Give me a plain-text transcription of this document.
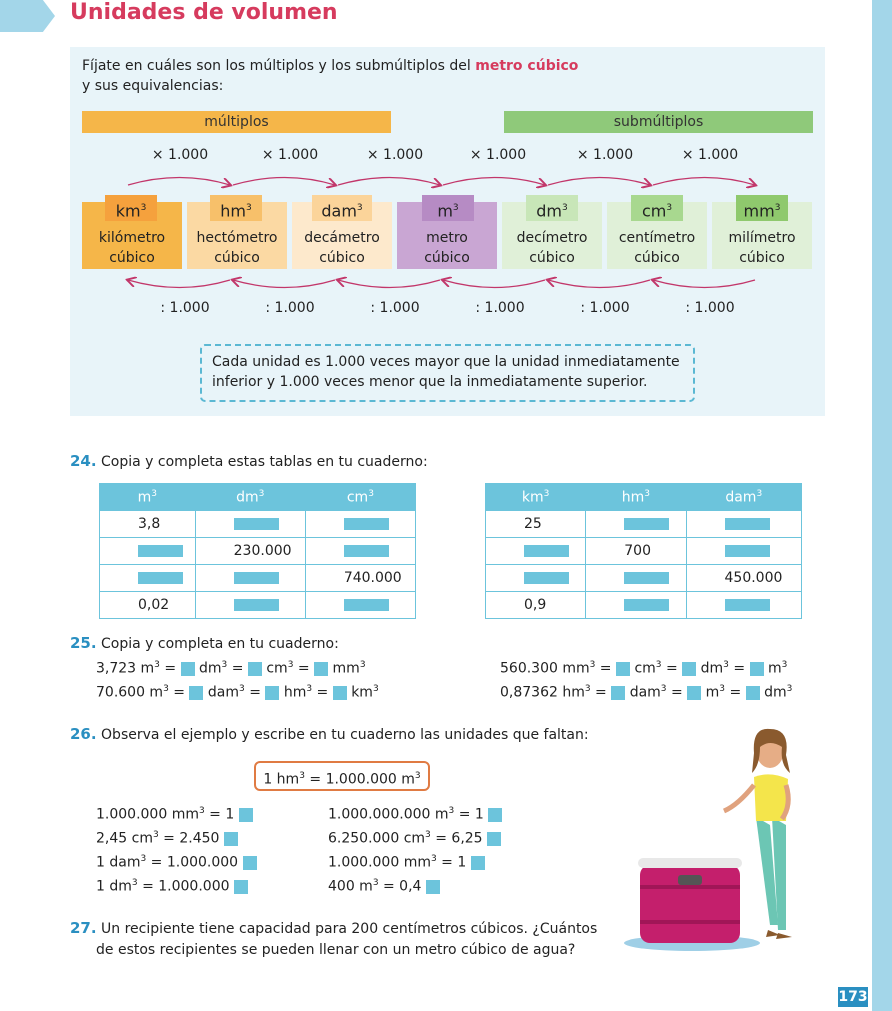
Unidades de volumen
Fíjate en cuáles son los múltiplos y los submúltiplos del metro cúbico
y sus equivalencias:
múltiplos	submúltiplos
× 1.000	× 1.000	× 1.000	× 1.000	× 1.000	× 1.000
$km^3$	$hm^3$	dam$^3$	$m^3$	$dm^3$	$cm^3$	$mm^3$
kilómetro
cúbico
hectómetro
cúbico
decámetro
cúbico
metro
cúbico
decímetro
cúbico
centímetro
cúbico
milímetro
cúbico
: 1.000	: 1.000	: 1.000	: 1.000	: 1.000	: 1.000
Cada unidad es 1.000 veces mayor que la unidad inmediatamente
inferior y 1.000 veces menor que la inmediatamente superior.
24. Copia y completa estas tablas en tu cuaderno:
$m^3$	$dm^3$	$cm^3$
3,8		
	230.000	
		740.000
0,02		
$km^3$	$hm^3$	dam$^3$
25		
	700	
		450.000
0,9		
25. Copia y completa en tu cuaderno:
3,723 $m^3 = dm^3 = cm^3 = mm^3$
70.600 $m^3 = dam^3 = hm^3 = km^3$
560.300 $mm^3 = cm^3 = dm^3 = m^3$
0,87362 $hm^3 = dam^3 = m^3 = dm^3$
26. Observa el ejemplo y escribe en tu cuaderno las unidades que faltan:
1 $hm^3 = 1.000.000$ $m^3$
1.000.000 $mm^3 = 1$
2,45 $cm^3 = 2.450$
1 dam$^3$ = 1.000.000
1 $dm^3 = 1.000.000$
1.000.000.000 $m^3 = 1$
6.250.000 $cm^3 = 6,25$
1.000.000 $mm^3 = 1$
400 $m^3 = 0,4$
27. Un recipiente tiene capacidad para 200 centímetros cúbicos. ¿Cuántos
de estos recipientes se pueden llenar con un metro cúbico de agua?
173
